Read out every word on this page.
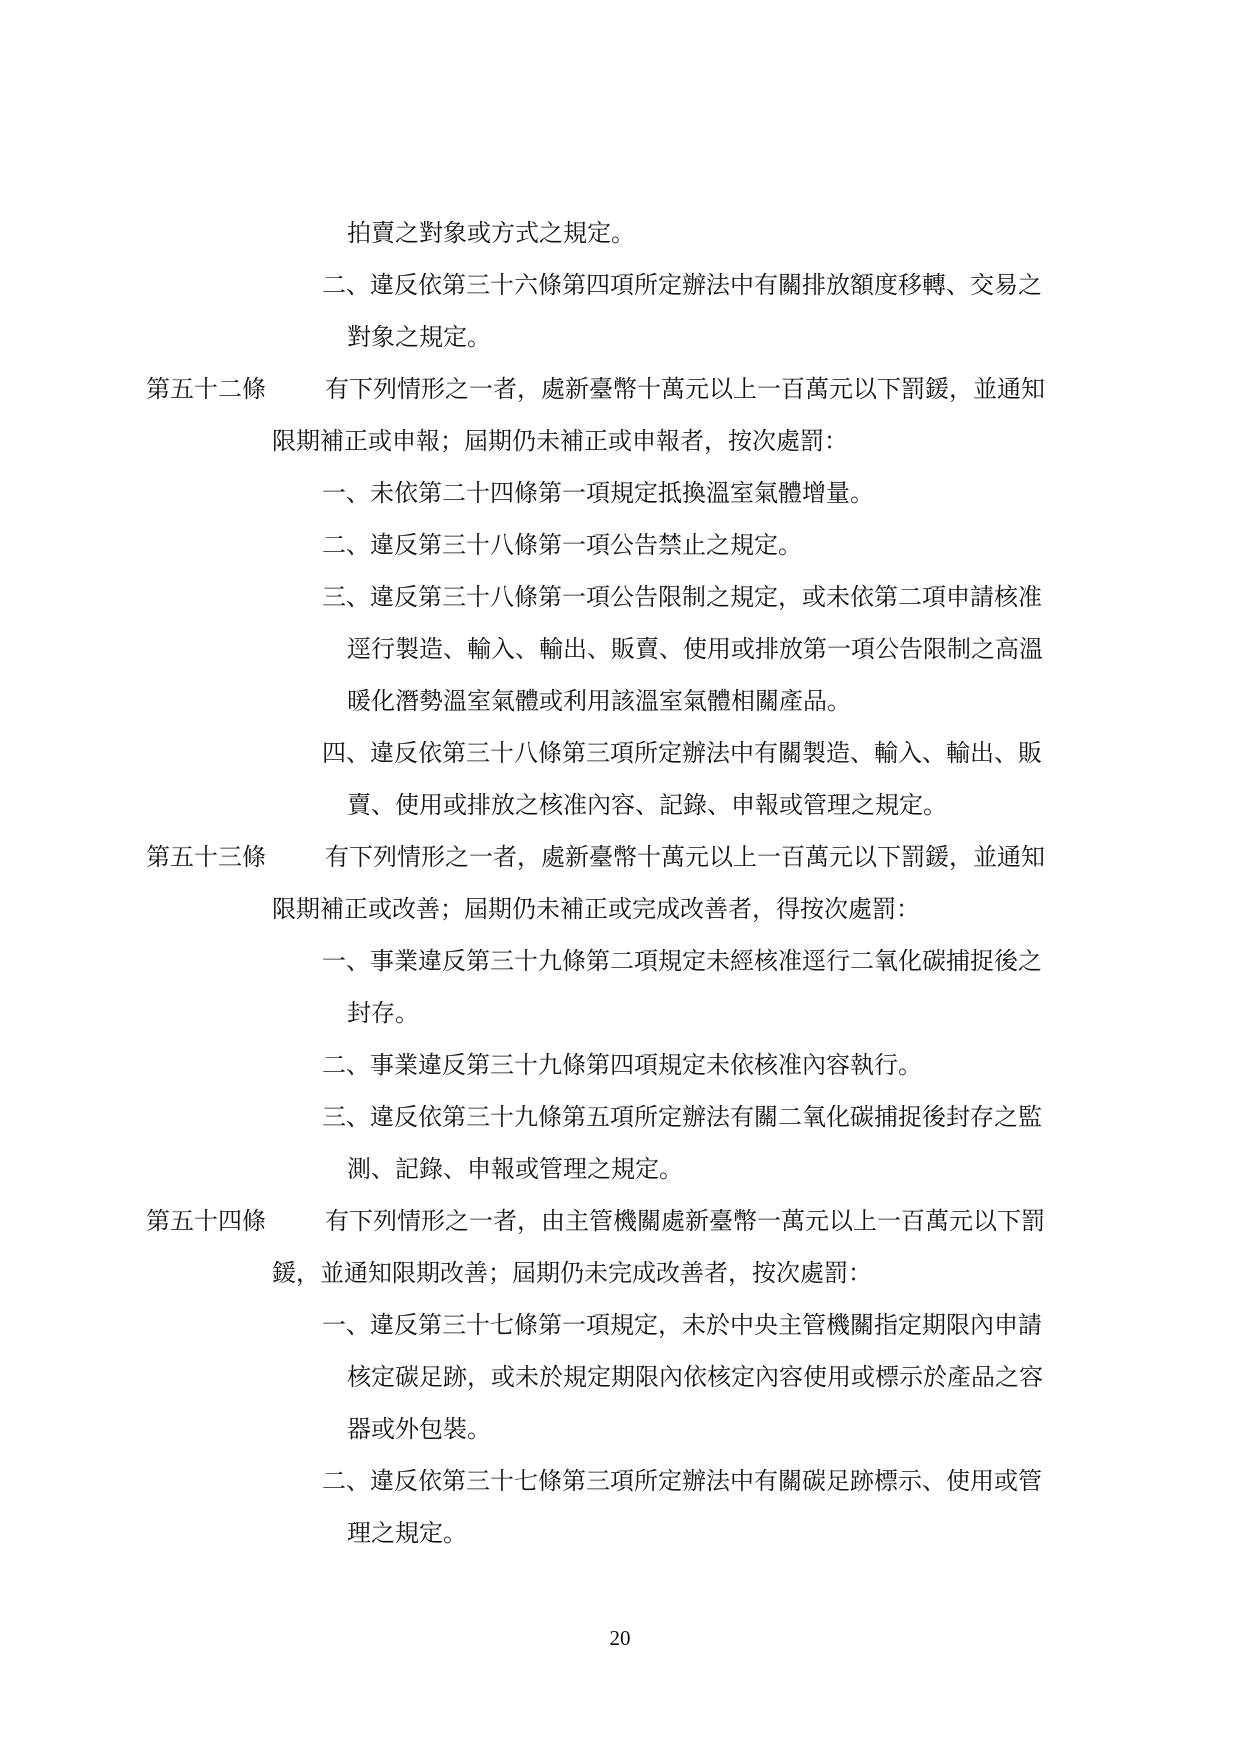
拍賣之對象或方式之規定。
二、違反依第三十六條第四項所定辦法中有關排放額度移轉、交易之
對象之規定。
第五十二條 有下列情形之一者，處新臺幣十萬元以上一百萬元以下罰鍰，並通知
限期補正或申報；屆期仍未補正或申報者，按次處罰：
一、未依第二十四條第一項規定抵換溫室氣體增量。
二、違反第三十八條第一項公告禁止之規定。
三、違反第三十八條第一項公告限制之規定，或未依第二項申請核准
逕行製造、輸入、輸出、販賣、使用或排放第一項公告限制之高溫
暖化潛勢溫室氣體或利用該溫室氣體相關產品。
四、違反依第三十八條第三項所定辦法中有關製造、輸入、輸出、販
賣、使用或排放之核准內容、記錄、申報或管理之規定。
第五十三條 有下列情形之一者，處新臺幣十萬元以上一百萬元以下罰鍰，並通知
限期補正或改善；屆期仍未補正或完成改善者，得按次處罰：
一、事業違反第三十九條第二項規定未經核准逕行二氧化碳捕捉後之
封存。
二、事業違反第三十九條第四項規定未依核准內容執行。
三、違反依第三十九條第五項所定辦法有關二氧化碳捕捉後封存之監
測、記錄、申報或管理之規定。
第五十四條 有下列情形之一者，由主管機關處新臺幣一萬元以上一百萬元以下罰
鍰，並通知限期改善；屆期仍未完成改善者，按次處罰：
一、違反第三十七條第一項規定，未於中央主管機關指定期限內申請
核定碳足跡，或未於規定期限內依核定內容使用或標示於產品之容
器或外包裝。
二、違反依第三十七條第三項所定辦法中有關碳足跡標示、使用或管
理之規定。
20
